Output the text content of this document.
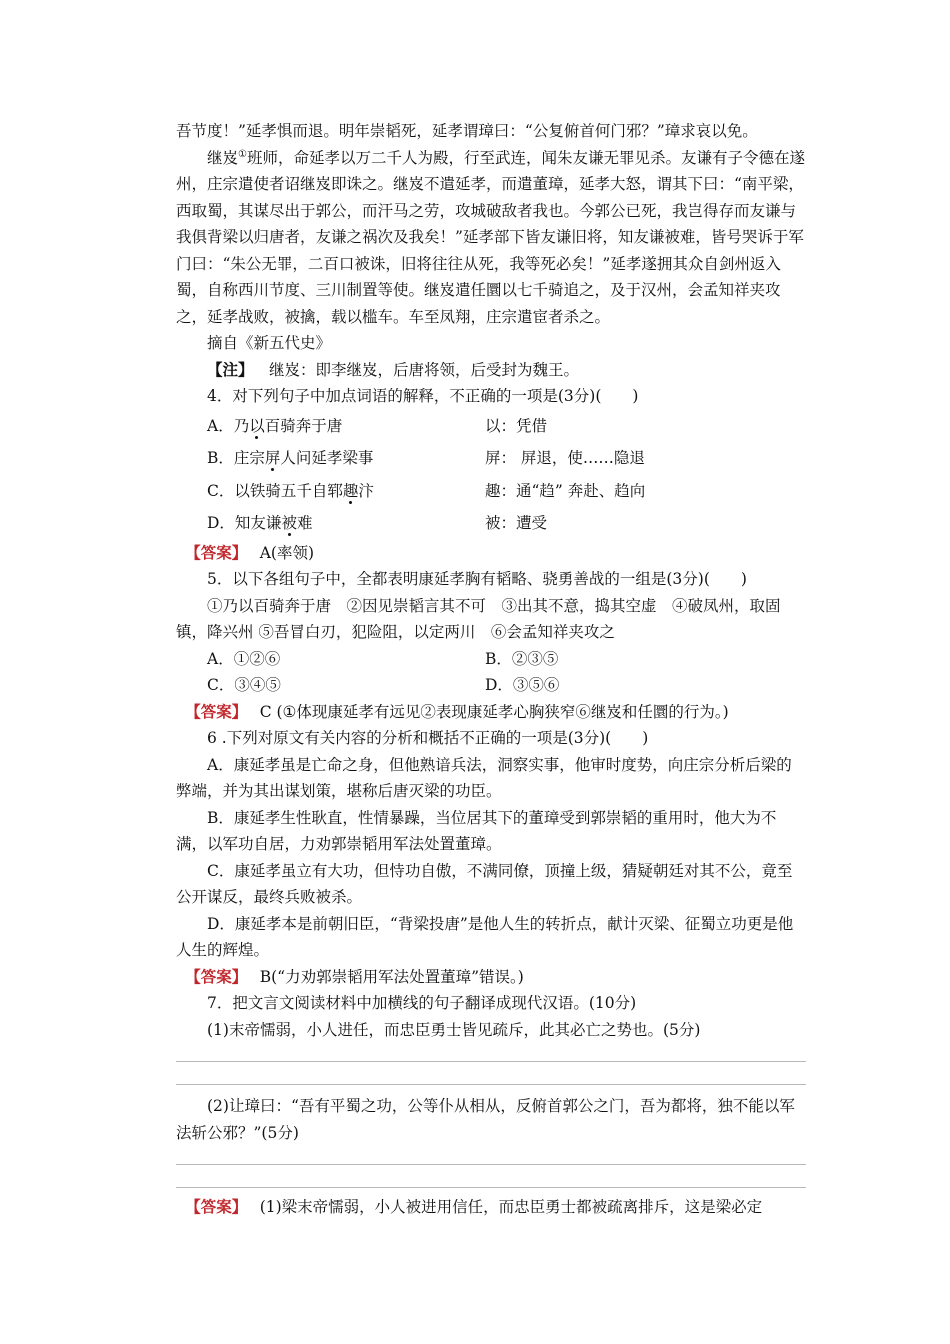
吾节度！”延孝惧而退。明年崇韬死，延孝谓璋曰：“公复俯首何门邪？”璋求哀以免。

继岌①班师，命延孝以万二千人为殿，行至武连，闻朱友谦无罪见杀。友谦有子令德在遂州，庄宗遣使者诏继岌即诛之。继岌不遣延孝，而遣董璋，延孝大怒，谓其下曰：“南平梁，西取蜀，其谋尽出于郭公，而汗马之劳，攻城破敌者我也。今郭公已死，我岂得存而友谦与我俱背梁以归唐者，友谦之祸次及我矣！”延孝部下皆友谦旧将，知友谦被难，皆号哭诉于军门曰：“朱公无罪，二百口被诛，旧将往往从死，我等死必矣！”延孝遂拥其众自剑州返入蜀，自称西川节度、三川制置等使。继岌遣任圜以七千骑追之，及于汉州，会孟知祥夹攻之，延孝战败，被擒，载以槛车。车至凤翔，庄宗遣宦者杀之。

摘自《新五代史》

【注】 继岌：即李继岌，后唐将领，后受封为魏王。

4．对下列句子中加点词语的解释，不正确的一项是(3分)(　　)

A．乃以百骑奔于唐	以：凭借
B．庄宗屏人问延孝梁事	屏： 屏退，使……隐退
C．以铁骑五千自郓趣汴	趣：通“趋” 奔赴、趋向
D．知友谦被难	被：遭受

【答案】 A(率领)

5．以下各组句子中，全都表明康延孝胸有韬略、骁勇善战的一组是(3分)(　　)

①乃以百骑奔于唐　②因见崇韬言其不可　③出其不意，捣其空虚　④破凤州，取固镇，降兴州 ⑤吾冒白刃，犯险阻，以定两川　⑥会孟知祥夹攻之

A．①②⑥	B．②③⑤
C．③④⑤	D．③⑤⑥

【答案】 C (①体现康延孝有远见②表现康延孝心胸狭窄⑥继岌和任圜的行为。)

6 .下列对原文有关内容的分析和概括不正确的一项是(3分)(　　)

A．康延孝虽是亡命之身，但他熟谙兵法，洞察实事，他审时度势，向庄宗分析后梁的弊端，并为其出谋划策，堪称后唐灭梁的功臣。

B．康延孝生性耿直，性情暴躁，当位居其下的董璋受到郭崇韬的重用时，他大为不满，以军功自居，力劝郭崇韬用军法处置董璋。

C．康延孝虽立有大功，但恃功自傲，不满同僚，顶撞上级，猜疑朝廷对其不公，竟至公开谋反，最终兵败被杀。

D．康延孝本是前朝旧臣，“背梁投唐”是他人生的转折点，献计灭梁、征蜀立功更是他人生的辉煌。

【答案】 B(“力劝郭崇韬用军法处置董璋”错误。)

7．把文言文阅读材料中加横线的句子翻译成现代汉语。(10分)

(1)末帝懦弱，小人进任，而忠臣勇士皆见疏斥，此其必亡之势也。(5分)

(2)让璋曰：“吾有平蜀之功，公等仆从相从，反俯首郭公之门，吾为都将，独不能以军法斩公邪？”(5分)

【答案】 (1)梁末帝懦弱，小人被进用信任，而忠臣勇士都被疏离排斥，这是梁必定
